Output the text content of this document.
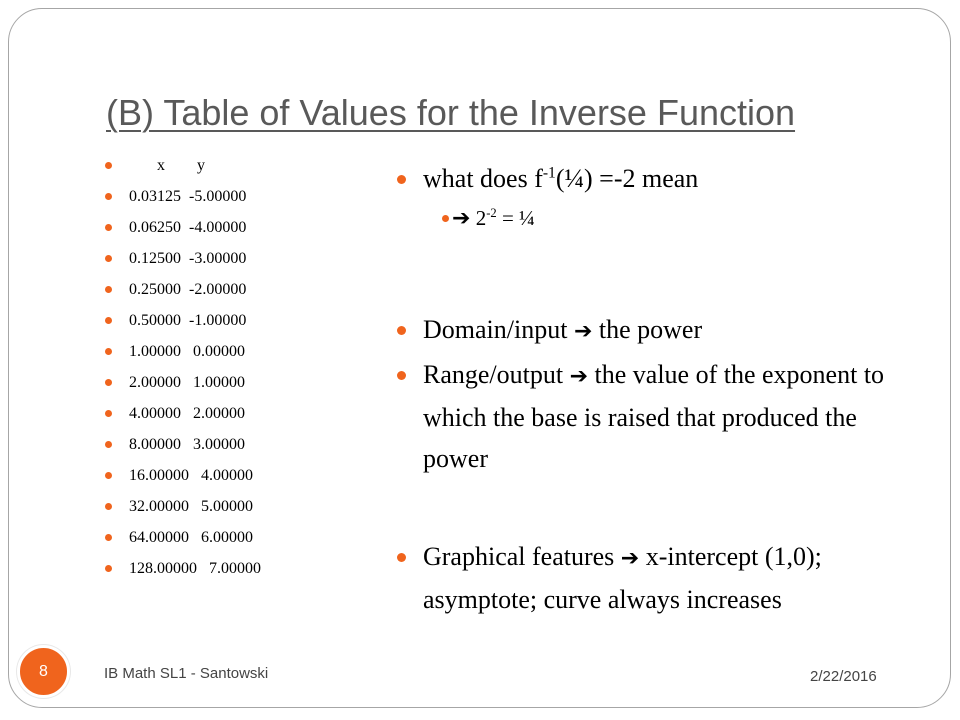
(B) Table of Values for the Inverse Function
x        y
0.03125  -5.00000
0.06250  -4.00000
0.12500  -3.00000
0.25000  -2.00000
0.50000  -1.00000
1.00000   0.00000
2.00000   1.00000
4.00000   2.00000
8.00000   3.00000
16.00000   4.00000
32.00000   5.00000
64.00000   6.00000
128.00000   7.00000
what does $f^{-1}(\frac{1}{4}) =-2$ mean
➔ $2^{-2}$ = ¼
Domain/input ➔ the power
Range/output ➔ the value of the exponent to which the base is raised that produced the power
Graphical features ➔ x-intercept (1,0); asymptote; curve always increases
8	IB Math SL1 - Santowski	2/22/2016
